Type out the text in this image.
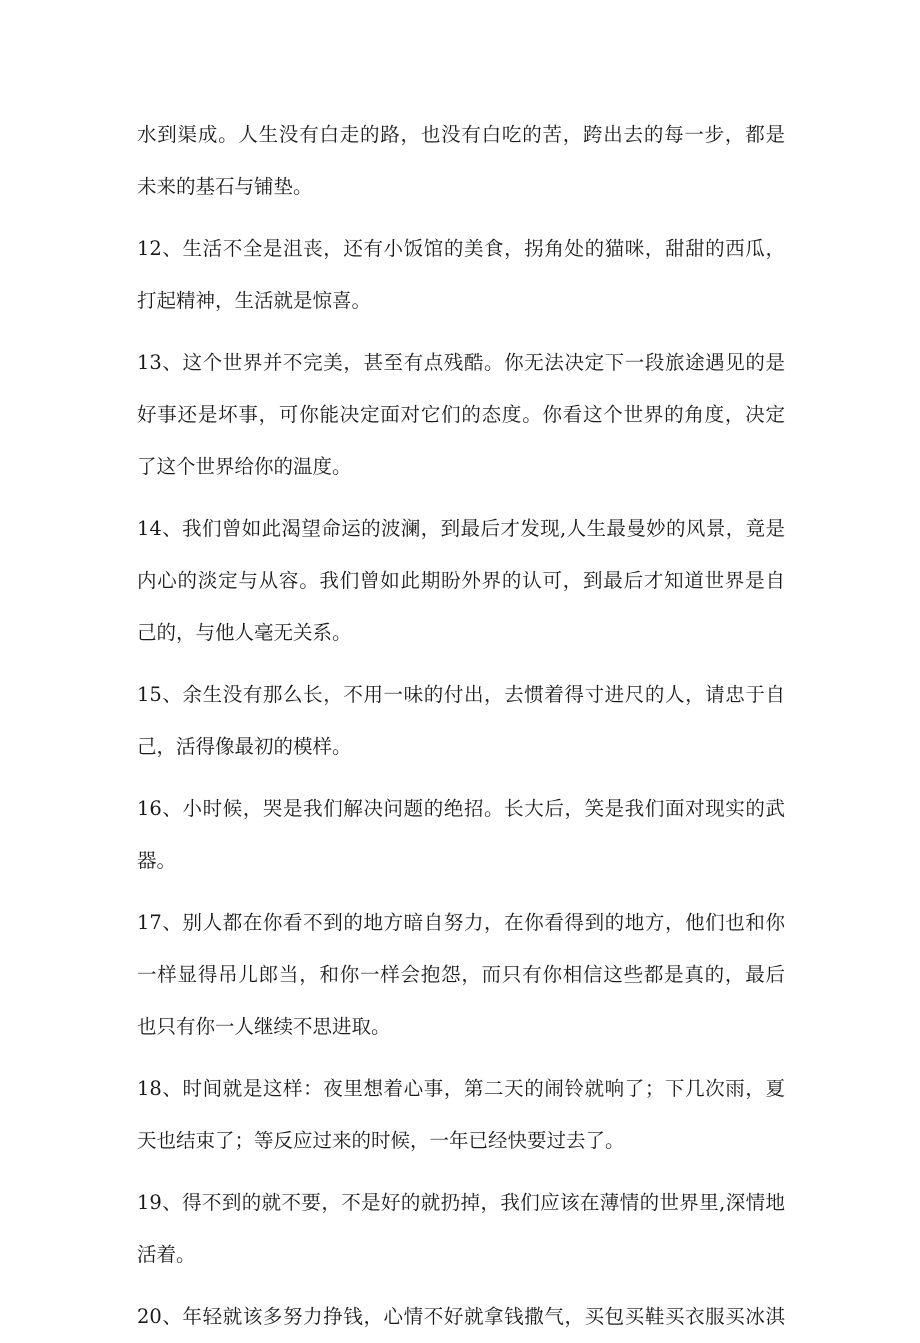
水到渠成。人生没有白走的路，也没有白吃的苦，跨出去的每一步，都是
未来的基石与铺垫。
12、生活不全是沮丧，还有小饭馆的美食，拐角处的猫咪，甜甜的西瓜，
打起精神，生活就是惊喜。
13、这个世界并不完美，甚至有点残酷。你无法决定下一段旅途遇见的是
好事还是坏事，可你能决定面对它们的态度。你看这个世界的角度，决定
了这个世界给你的温度。
14、我们曾如此渴望命运的波澜，到最后才发现,人生最曼妙的风景，竟是
内心的淡定与从容。我们曾如此期盼外界的认可，到最后才知道世界是自
己的，与他人毫无关系。
15、余生没有那么长，不用一味的付出，去惯着得寸进尺的人，请忠于自
己，活得像最初的模样。
16、小时候，哭是我们解决问题的绝招。长大后，笑是我们面对现实的武
器。
17、别人都在你看不到的地方暗自努力，在你看得到的地方，他们也和你
一样显得吊儿郎当，和你一样会抱怨，而只有你相信这些都是真的，最后
也只有你一人继续不思进取。
18、时间就是这样：夜里想着心事，第二天的闹铃就响了；下几次雨，夏
天也结束了；等反应过来的时候，一年已经快要过去了。
19、得不到的就不要，不是好的就扔掉，我们应该在薄情的世界里,深情地
活着。
20、年轻就该多努力挣钱，心情不好就拿钱撒气，买包买鞋买衣服买冰淇
